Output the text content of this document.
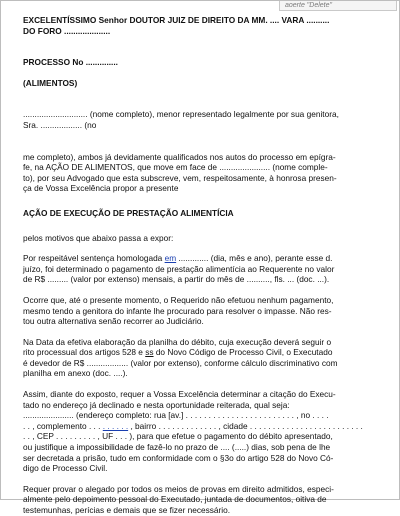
aoerte "Delete"

EXCELENTÍSSIMO Senhor DOUTOR JUIZ DE DIREITO DA MM. .... VARA ..........

DO FORO ....................

PROCESSO No ..............

(ALIMENTOS)

............................ (nome completo), menor representado legalmente por sua genitora,

Sra. .................. (no

me completo), ambos já devidamente qualificados nos autos do processo em epígra-

fe, na AÇÃO DE ALIMENTOS, que move em face de ...................... (nome comple-

to), por seu Advogado que esta subscreve, vem, respeitosamente, à honrosa presen-

ça de Vossa Excelência propor a presente

AÇÃO DE EXECUÇÃO DE PRESTAÇÃO ALIMENTÍCIA

pelos motivos que abaixo passa a expor:

Por respeitável sentença homologada em ............. (dia, mês e ano), perante esse d.

juízo, foi determinado o pagamento de prestação alimentícia ao Requerente no valor

de R$ ......... (valor por extenso) mensais, a partir do mês de .........., fls. ... (doc. ...).

Ocorre que, até o presente momento, o Requerido não efetuou nenhum pagamento,

mesmo tendo a genitora do infante lhe procurado para resolver o impasse. Não res-

tou outra alternativa senão recorrer ao Judiciário.

Na Data da efetiva elaboração da planilha do débito, cuja execução deverá seguir o

rito processual dos artigos 528 e ss do Novo Código de Processo Civil, o Executado

é devedor de R$ .................. (valor por extenso), conforme cálculo discriminativo com

planilha em anexo (doc. ....).

Assim, diante do exposto, requer a Vossa Excelência determinar a citação do Execu-

tado no endereço já declinado e nesta oportunidade reiterada, qual seja:

...................... (endereço completo: rua [av.] . . . . . . . . . . . . . . . . . . . . . . . . , no . . . .

. . , complemento . . . . . . . . . , bairro . . . . . . . . . . . . . , cidade . . . . . . . . . . . . . . . . . . . . . . . . .

. . , CEP . . . . . . . . . , UF . . . ), para que efetue o pagamento do débito apresentado,

ou justifique a impossibilidade de fazê-lo no prazo de .... (.....) dias, sob pena de lhe

ser decretada a prisão, tudo em conformidade com o §3o do artigo 528 do Novo Có-

digo de Processo Civil.

Requer provar o alegado por todos os meios de provas em direito admitidos, especi-

almente pelo depoimento pessoal do Executado, juntada de documentos, oitiva de

testemunhas, perícias e demais que se fizer necessário.
